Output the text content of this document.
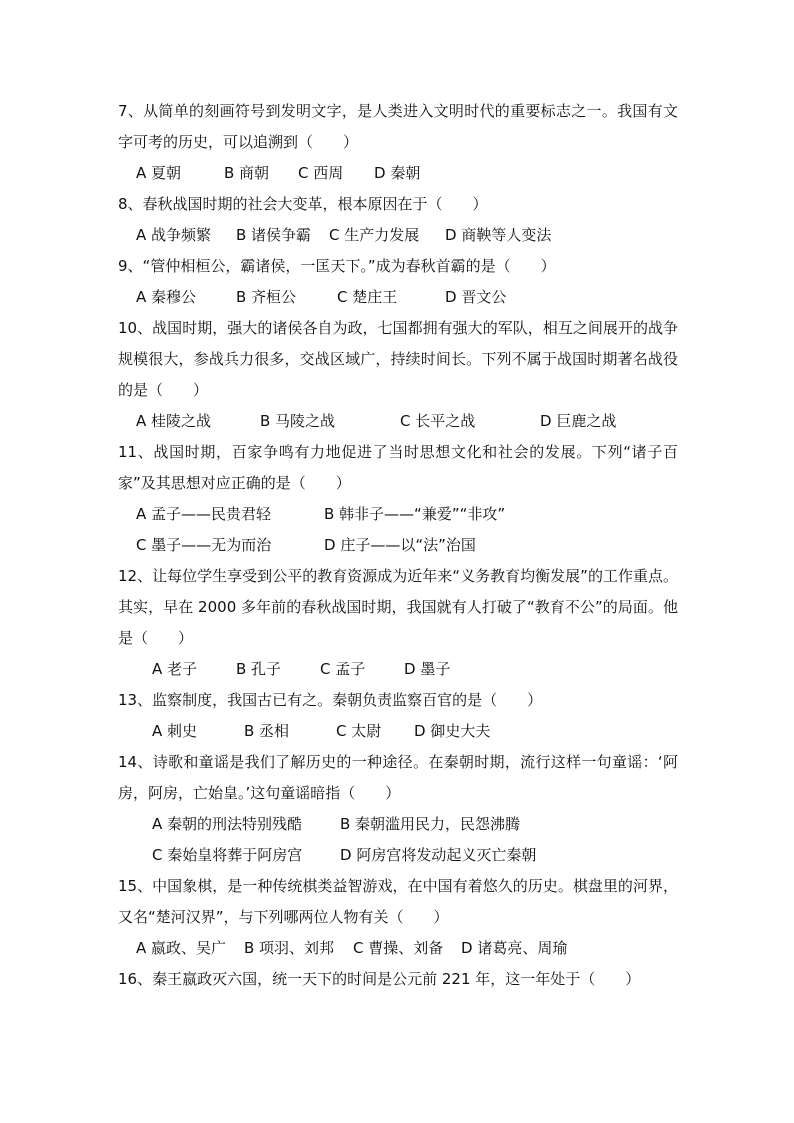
7、从简单的刻画符号到发明文字，是人类进入文明时代的重要标志之一。我国有文字可考的历史，可以追溯到（　　）

A 夏朝	B 商朝 C 西周 D 秦朝

8、春秋战国时期的社会大变革，根本原因在于（　　）

A 战争频繁 B 诸侯争霸 C 生产力发展 D 商鞅等人变法

9、“管仲相桓公，霸诸侯，一匡天下。”成为春秋首霸的是（　　）

A 秦穆公	B 齐桓公	C 楚庄王	D 晋文公

10、战国时期，强大的诸侯各自为政，七国都拥有强大的军队，相互之间展开的战争规模很大，参战兵力很多，交战区域广，持续时间长。下列不属于战国时期著名战役的是（　　）

A 桂陵之战	B 马陵之战	C 长平之战	D 巨鹿之战

11、战国时期，百家争鸣有力地促进了当时思想文化和社会的发展。下列“诸子百家”及其思想对应正确的是（　　）

A 孟子——民贵君轻	B 韩非子——“兼爱”“非攻”

C 墨子——无为而治	D 庄子——以“法”治国

12、让每位学生享受到公平的教育资源成为近年来“义务教育均衡发展”的工作重点。其实，早在 2000 多年前的春秋战国时期，我国就有人打破了“教育不公”的局面。他是（　　）

A 老子	B 孔子	C 孟子	D 墨子

13、监察制度，我国古已有之。秦朝负责监察百官的是（　　）

A 刺史	B 丞相	C 太尉 D 御史大夫

14、诗歌和童谣是我们了解历史的一种途径。在秦朝时期，流行这样一句童谣：‘阿房，阿房，亡始皇。’这句童谣暗指（　　）

A 秦朝的刑法特别残酷	B 秦朝滥用民力，民怨沸腾

C 秦始皇将葬于阿房宫	D 阿房宫将发动起义灭亡秦朝

15、中国象棋，是一种传统棋类益智游戏，在中国有着悠久的历史。棋盘里的河界，又名“楚河汉界”，与下列哪两位人物有关（　　）

A 嬴政、吴广 B 项羽、刘邦 C 曹操、刘备 D 诸葛亮、周瑜

16、秦王嬴政灭六国，统一天下的时间是公元前 221 年，这一年处于（　　）
